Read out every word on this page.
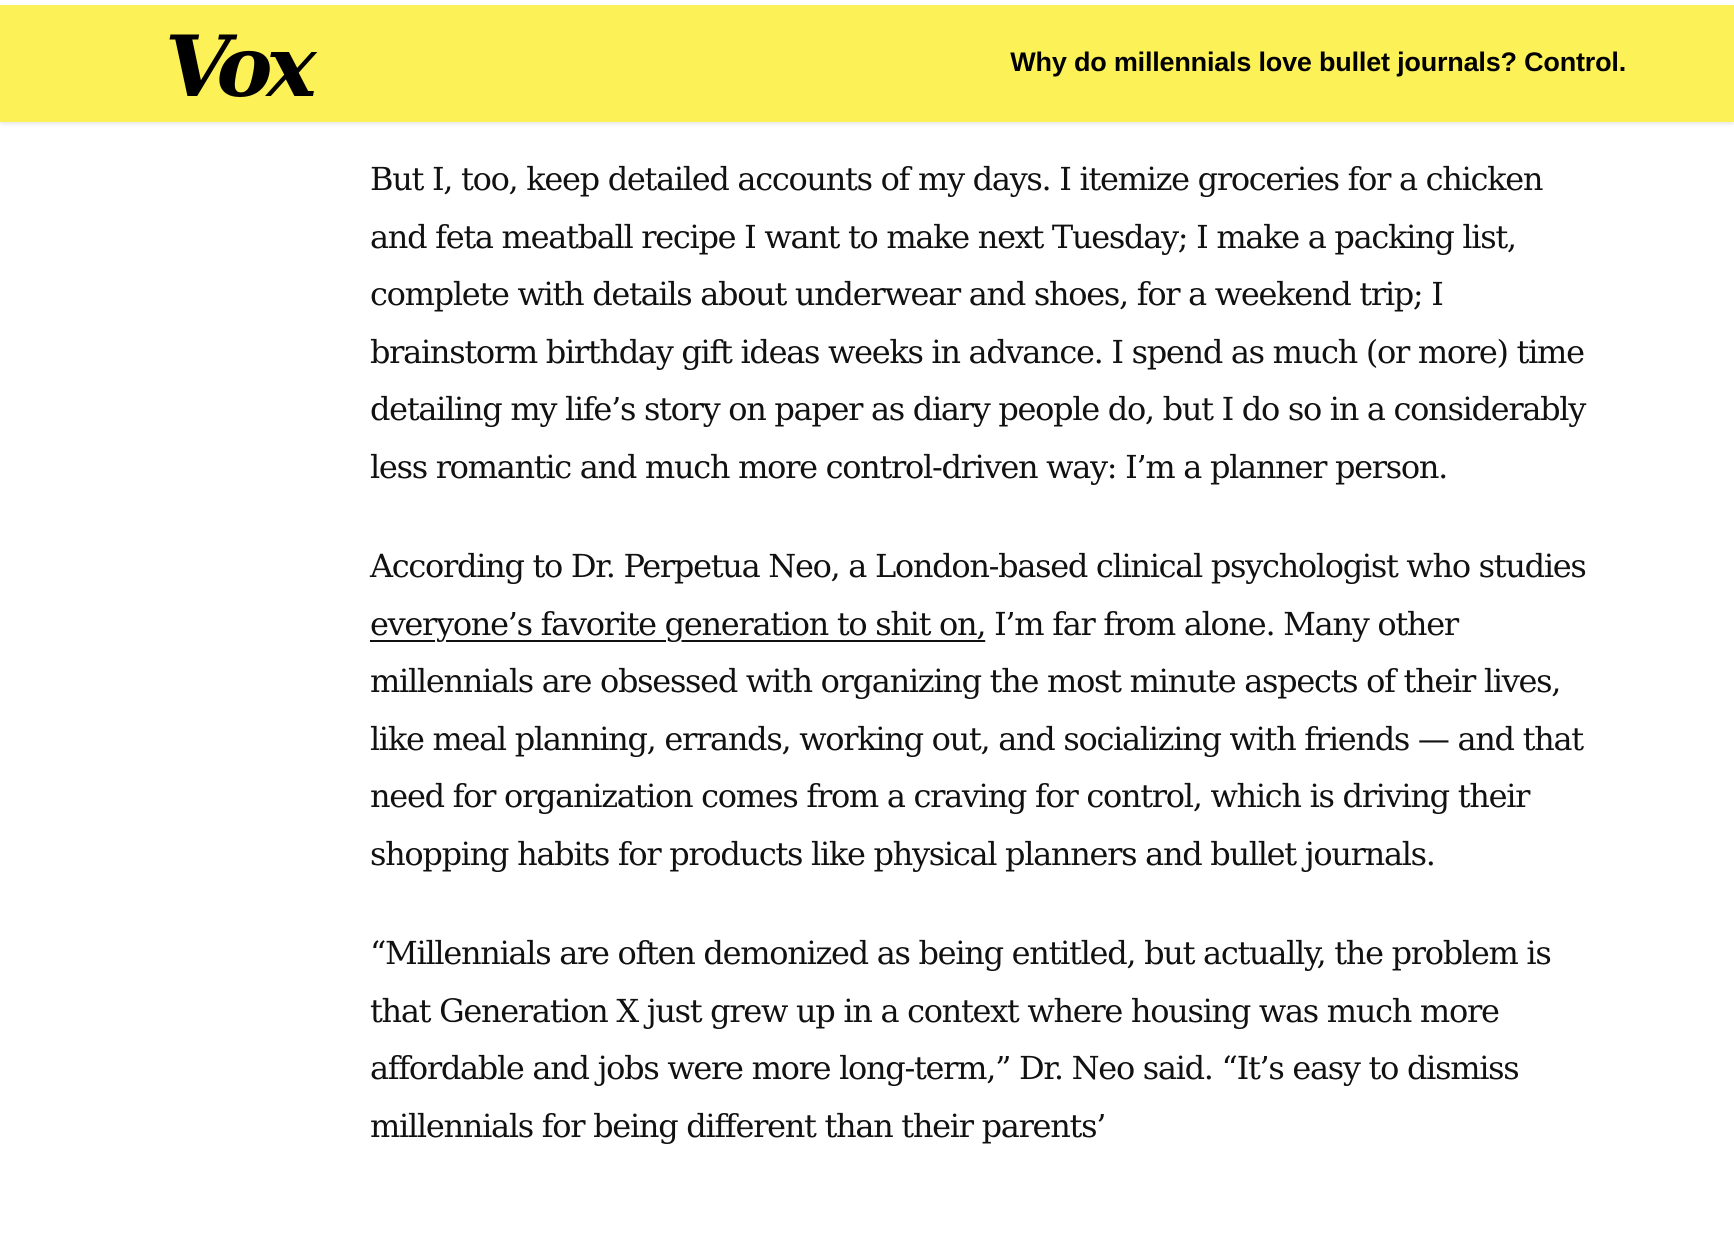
Vox	Why do millennials love bullet journals? Control.

But I, too, keep detailed accounts of my days. I itemize groceries for a chicken and feta meatball recipe I want to make next Tuesday; I make a packing list, complete with details about underwear and shoes, for a weekend trip; I brainstorm birthday gift ideas weeks in advance. I spend as much (or more) time detailing my life’s story on paper as diary people do, but I do so in a considerably less romantic and much more control-driven way: I’m a planner person.

According to Dr. Perpetua Neo, a London-based clinical psychologist who studies everyone’s favorite generation to shit on, I’m far from alone. Many other millennials are obsessed with organizing the most minute aspects of their lives, like meal planning, errands, working out, and socializing with friends — and that need for organization comes from a craving for control, which is driving their shopping habits for products like physical planners and bullet journals.

“Millennials are often demonized as being entitled, but actually, the problem is that Generation X just grew up in a context where housing was much more affordable and jobs were more long-term,” Dr. Neo said. “It’s easy to dismiss millennials for being different than their parents’
